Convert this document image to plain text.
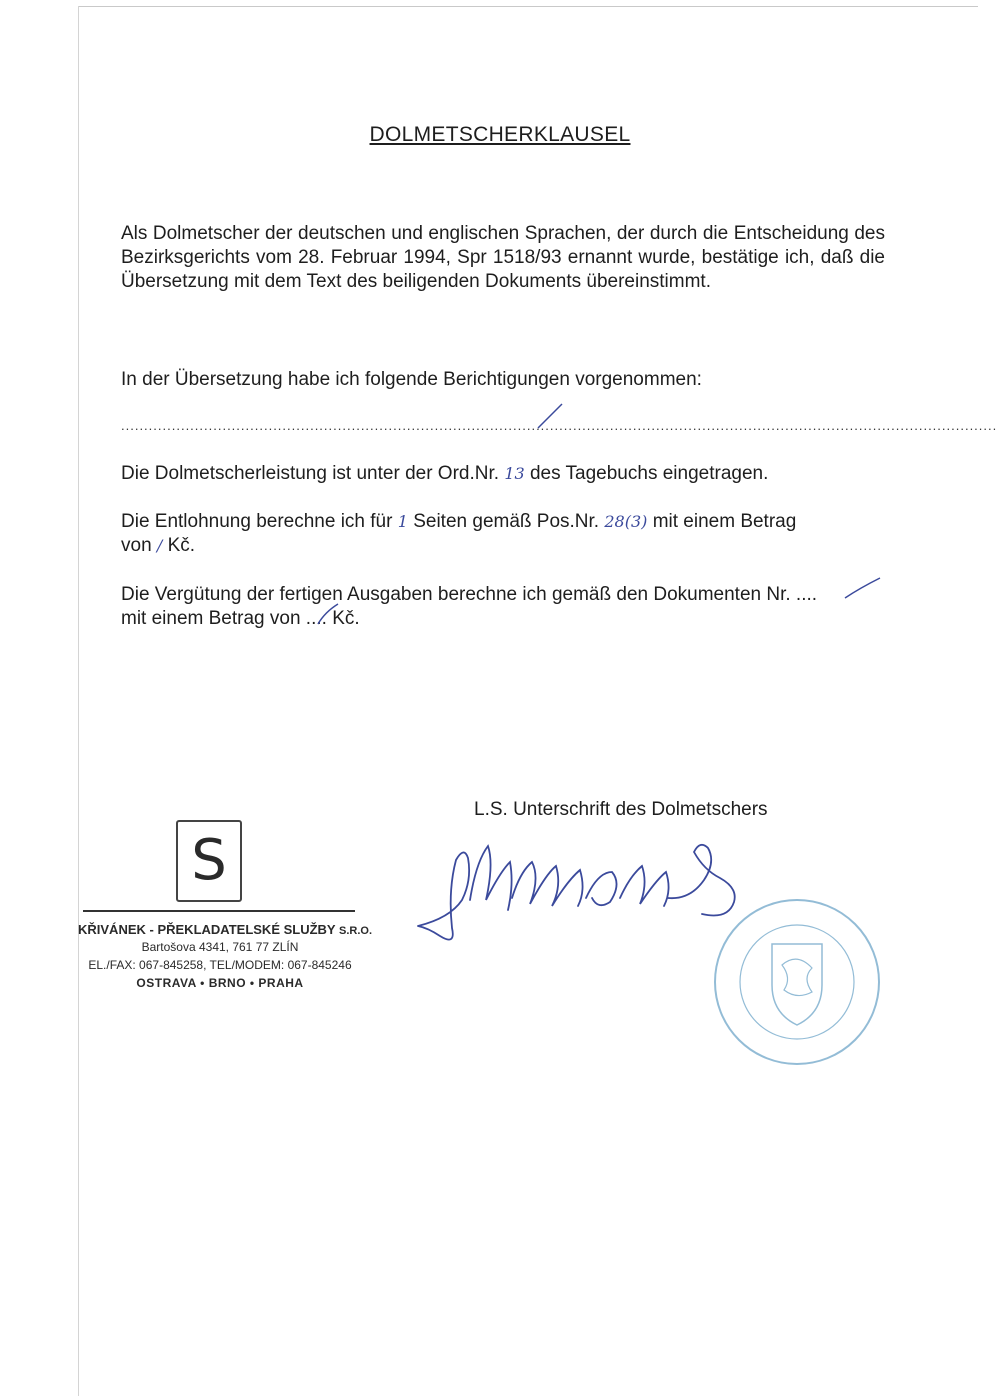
DOLMETSCHERKLAUSEL

Als Dolmetscher der deutschen und englischen Sprachen, der durch die Entscheidung des Bezirksgerichts vom 28. Februar 1994, Spr 1518/93 ernannt wurde, bestätige ich, daß die Übersetzung mit dem Text des beiligenden Dokuments übereinstimmt.

In der Übersetzung habe ich folgende Berichtigungen vorgenommen:

..............................................................................................................................................................................................

Die Dolmetscherleistung ist unter der Ord.Nr. 13 des Tagebuchs eingetragen.

Die Entlohnung berechne ich für 1 Seiten gemäß Pos.Nr. 28(3) mit einem Betrag
von / Kč.

Die Vergütung der fertigen Ausgaben berechne ich gemäß den Dokumenten Nr. ....
mit einem Betrag von .... Kč.

L.S. Unterschrift des Dolmetschers
S
KŘIVÁNEK - PŘEKLADATELSKÉ SLUŽBY S.R.O.
Bartošova 4341, 761 77 ZLÍN
EL./FAX: 067-845258, TEL/MODEM: 067-845246
OSTRAVA • BRNO • PRAHA
